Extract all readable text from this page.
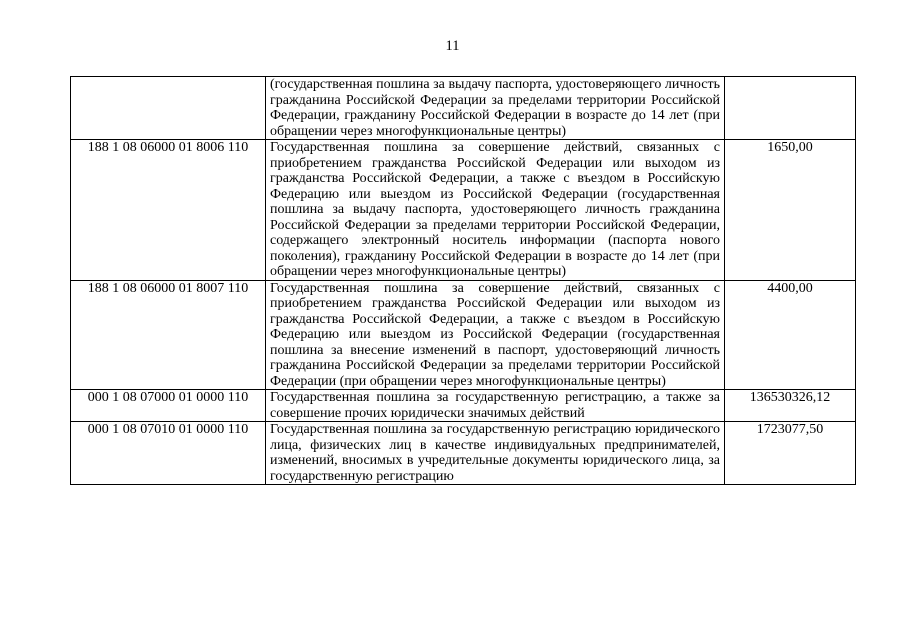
11
	(государственная пошлина за выдачу паспорта, удостоверяющего личность гражданина Российской Федерации за пределами территории Российской Федерации, гражданину Российской Федерации в возрасте до 14 лет (при обращении через многофункциональные центры)	
188 1 08 06000 01 8006 110	Государственная пошлина за совершение действий, связанных с приобретением гражданства Российской Федерации или выходом из гражданства Российской Федерации, а также с въездом в Российскую Федерацию или выездом из Российской Федерации (государственная пошлина за выдачу паспорта, удостоверяющего личность гражданина Российской Федерации за пределами территории Российской Федерации, содержащего электронный носитель информации (паспорта нового поколения), гражданину Российской Федерации в возрасте до 14 лет (при обращении через многофункциональные центры)	1650,00
188 1 08 06000 01 8007 110	Государственная пошлина за совершение действий, связанных с приобретением гражданства Российской Федерации или выходом из гражданства Российской Федерации, а также с въездом в Российскую Федерацию или выездом из Российской Федерации (государственная пошлина за внесение изменений в паспорт, удостоверяющий личность гражданина Российской Федерации за пределами территории Российской Федерации (при обращении через многофункциональные центры)	4400,00
000 1 08 07000 01 0000 110	Государственная пошлина за государственную регистрацию, а также за совершение прочих юридически значимых действий	136530326,12
000 1 08 07010 01 0000 110	Государственная пошлина за государственную регистрацию юридического лица, физических лиц в качестве индивидуальных предпринимателей, изменений, вносимых в учредительные документы юридического лица, за государственную регистрацию	1723077,50
